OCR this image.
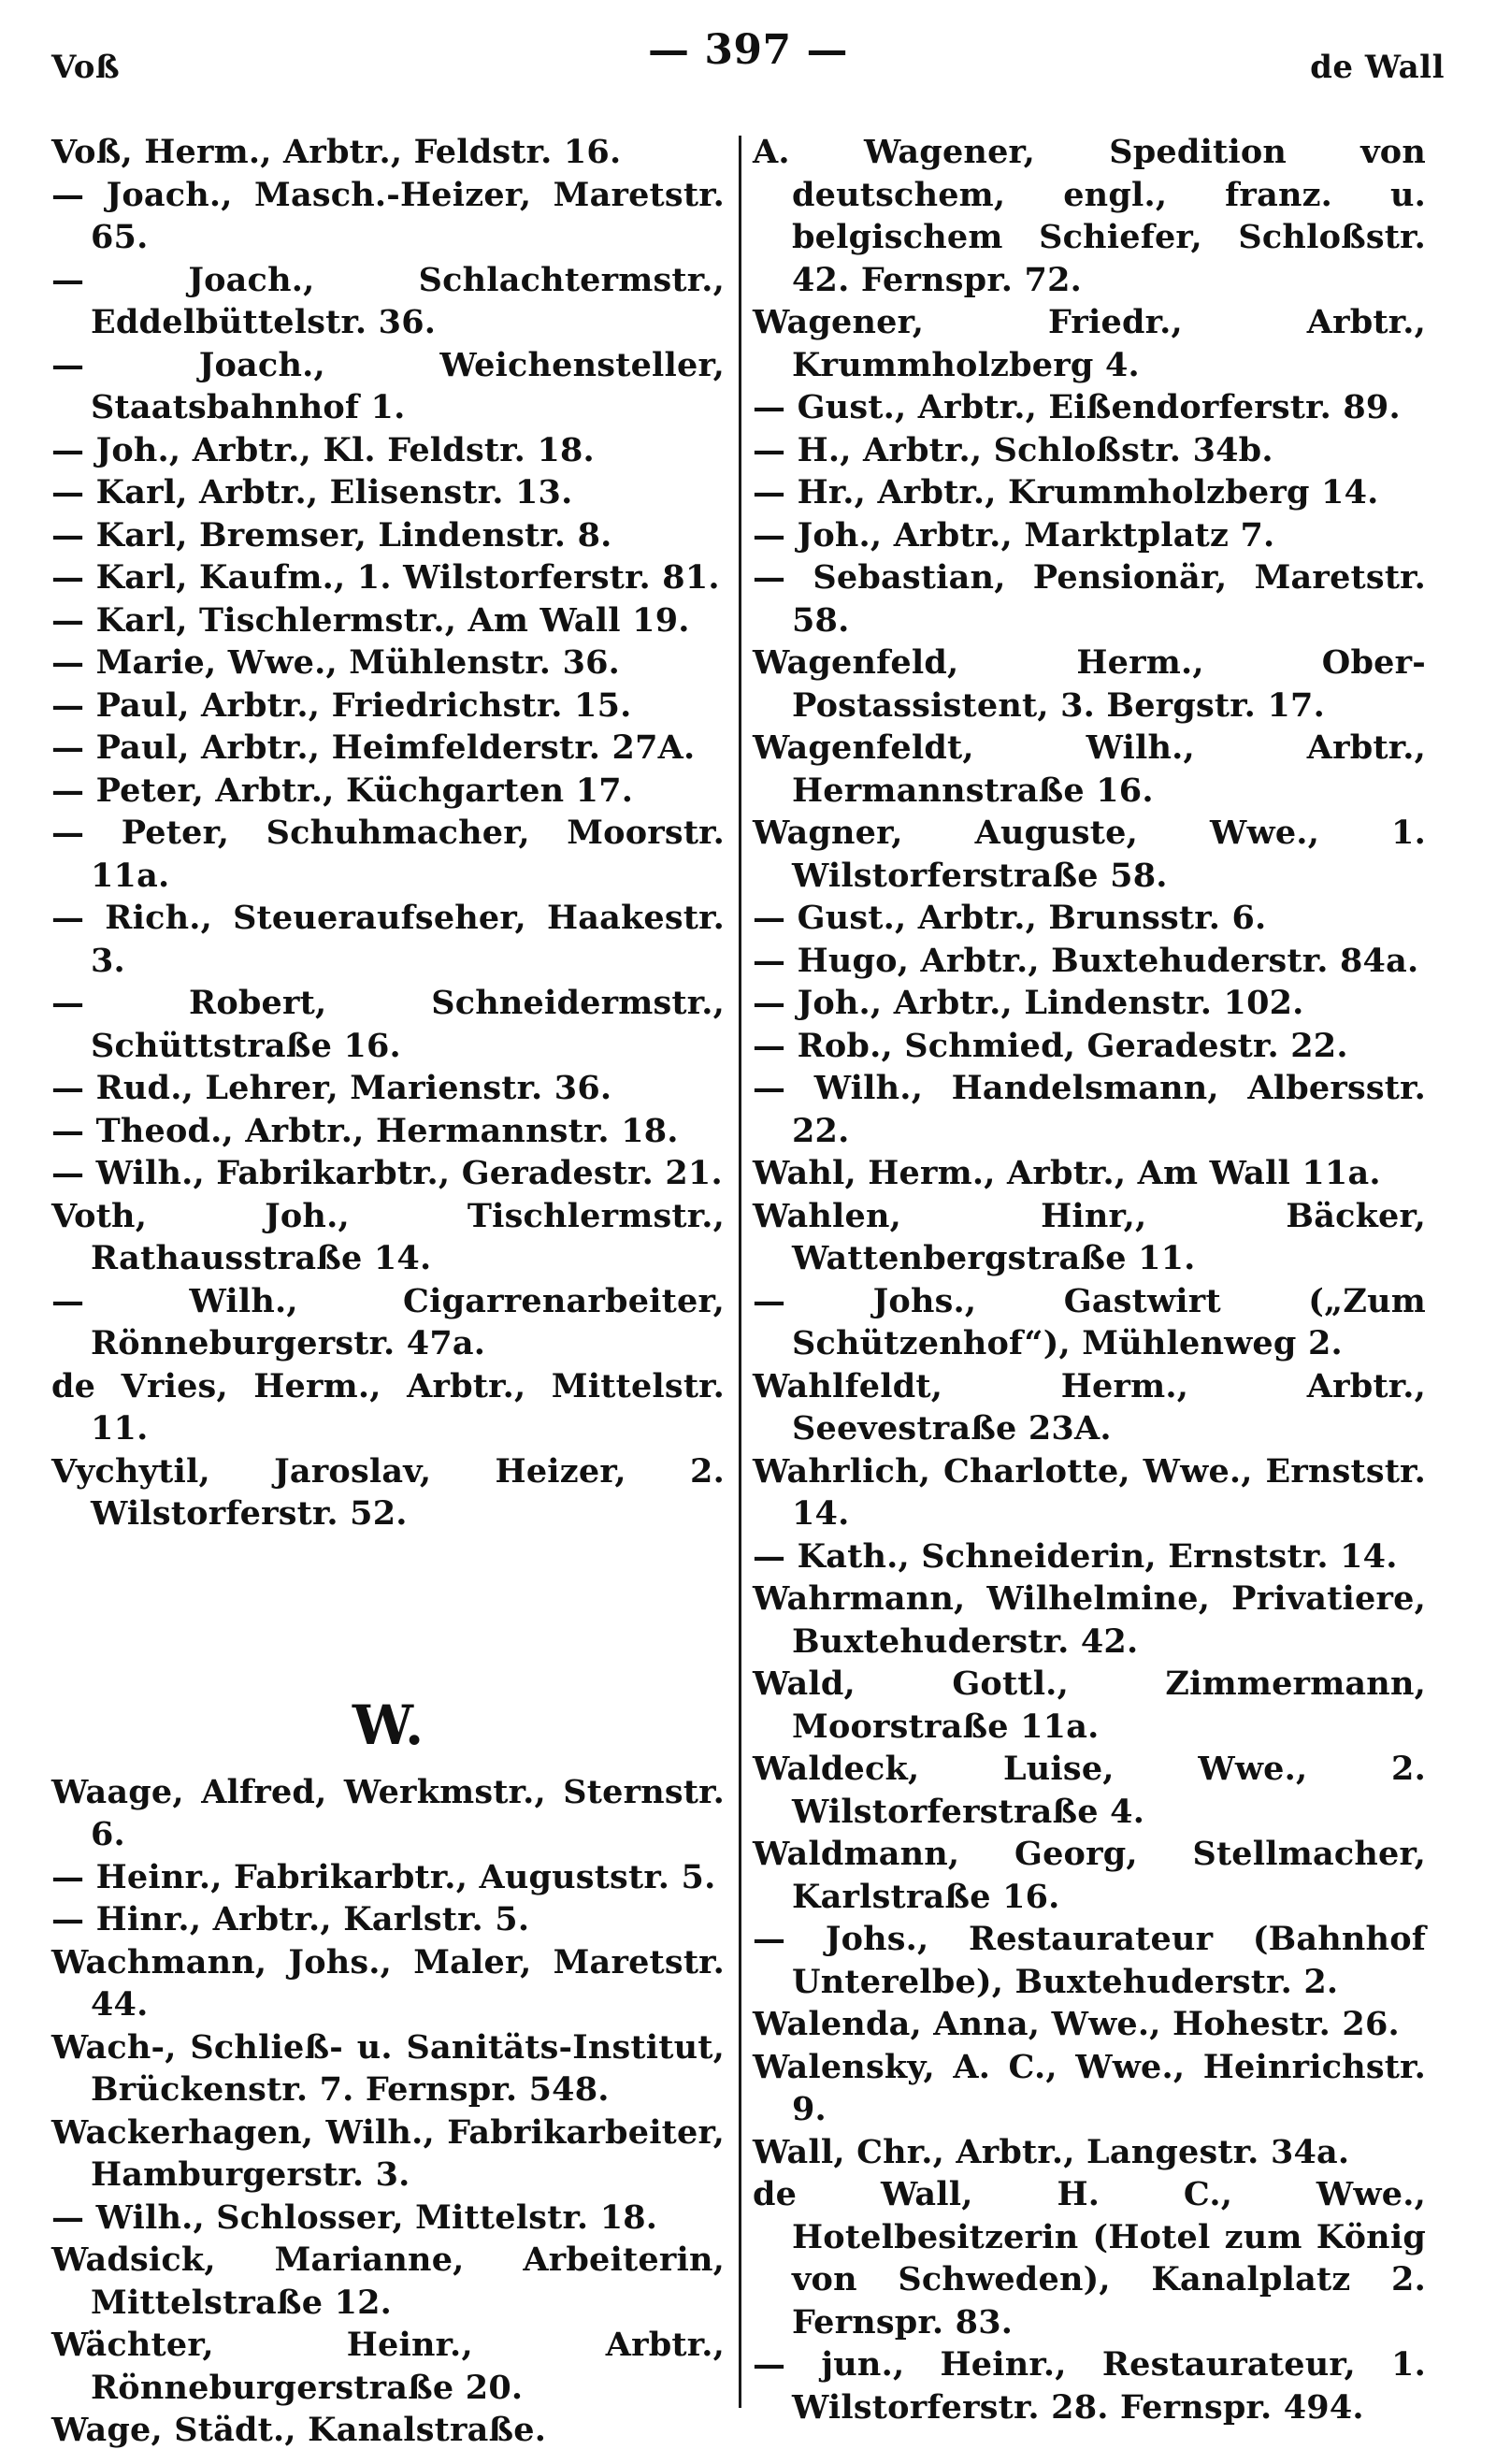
Voß	— 397 —	de Wall

Voß, Herm., Arbtr., Feldstr. 16.

— Joach., Masch.-Heizer, Maretstr. 65.

— Joach., Schlachtermstr., Eddelbüttelstr. 36.

— Joach., Weichensteller, Staatsbahnhof 1.

— Joh., Arbtr., Kl. Feldstr. 18.

— Karl, Arbtr., Elisenstr. 13.

— Karl, Bremser, Lindenstr. 8.

— Karl, Kaufm., 1. Wilstorferstr. 81.

— Karl, Tischlermstr., Am Wall 19.

— Marie, Wwe., Mühlenstr. 36.

— Paul, Arbtr., Friedrichstr. 15.

— Paul, Arbtr., Heimfelderstr. 27A.

— Peter, Arbtr., Küchgarten 17.

— Peter, Schuhmacher, Moorstr. 11a.

— Rich., Steueraufseher, Haakestr. 3.

— Robert, Schneidermstr., Schüttstraße 16.

— Rud., Lehrer, Marienstr. 36.

— Theod., Arbtr., Hermannstr. 18.

— Wilh., Fabrikarbtr., Geradestr. 21.

Voth, Joh., Tischlermstr., Rathausstraße 14.

— Wilh., Cigarrenarbeiter, Rönneburgerstr. 47a.

de Vries, Herm., Arbtr., Mittelstr. 11.

Vychytil, Jaroslav, Heizer, 2. Wilstorferstr. 52.

W.

Waage, Alfred, Werkmstr., Sternstr. 6.

— Heinr., Fabrikarbtr., Auguststr. 5.

— Hinr., Arbtr., Karlstr. 5.

Wachmann, Johs., Maler, Maretstr. 44.

Wach-, Schließ- u. Sanitäts-Institut, Brückenstr. 7. Fernspr. 548.

Wackerhagen, Wilh., Fabrikarbeiter, Hamburgerstr. 3.

— Wilh., Schlosser, Mittelstr. 18.

Wadsick, Marianne, Arbeiterin, Mittelstraße 12.

Wächter, Heinr., Arbtr., Rönneburgerstraße 20.

Wage, Städt., Kanalstraße.

A. Wagener, Spedition von deutschem, engl., franz. u. belgischem Schiefer, Schloßstr. 42. Fernspr. 72.

Wagener, Friedr., Arbtr., Krummholzberg 4.

— Gust., Arbtr., Eißendorferstr. 89.

— H., Arbtr., Schloßstr. 34b.

— Hr., Arbtr., Krummholzberg 14.

— Joh., Arbtr., Marktplatz 7.

— Sebastian, Pensionär, Maretstr. 58.

Wagenfeld, Herm., Ober-Postassistent, 3. Bergstr. 17.

Wagenfeldt, Wilh., Arbtr., Hermannstraße 16.

Wagner, Auguste, Wwe., 1. Wilstorferstraße 58.

— Gust., Arbtr., Brunsstr. 6.

— Hugo, Arbtr., Buxtehuderstr. 84a.

— Joh., Arbtr., Lindenstr. 102.

— Rob., Schmied, Geradestr. 22.

— Wilh., Handelsmann, Albersstr. 22.

Wahl, Herm., Arbtr., Am Wall 11a.

Wahlen, Hinr,, Bäcker, Wattenbergstraße 11.

— Johs., Gastwirt („Zum Schützenhof“), Mühlenweg 2.

Wahlfeldt, Herm., Arbtr., Seevestraße 23A.

Wahrlich, Charlotte, Wwe., Ernststr. 14.

— Kath., Schneiderin, Ernststr. 14.

Wahrmann, Wilhelmine, Privatiere, Buxtehuderstr. 42.

Wald, Gottl., Zimmermann, Moorstraße 11a.

Waldeck, Luise, Wwe., 2. Wilstorferstraße 4.

Waldmann, Georg, Stellmacher, Karlstraße 16.

— Johs., Restaurateur (Bahnhof Unterelbe), Buxtehuderstr. 2.

Walenda, Anna, Wwe., Hohestr. 26.

Walensky, A. C., Wwe., Heinrichstr. 9.

Wall, Chr., Arbtr., Langestr. 34a.

de Wall, H. C., Wwe., Hotelbesitzerin (Hotel zum König von Schweden), Kanalplatz 2. Fernspr. 83.

— jun., Heinr., Restaurateur, 1. Wilstorferstr. 28. Fernspr. 494.
